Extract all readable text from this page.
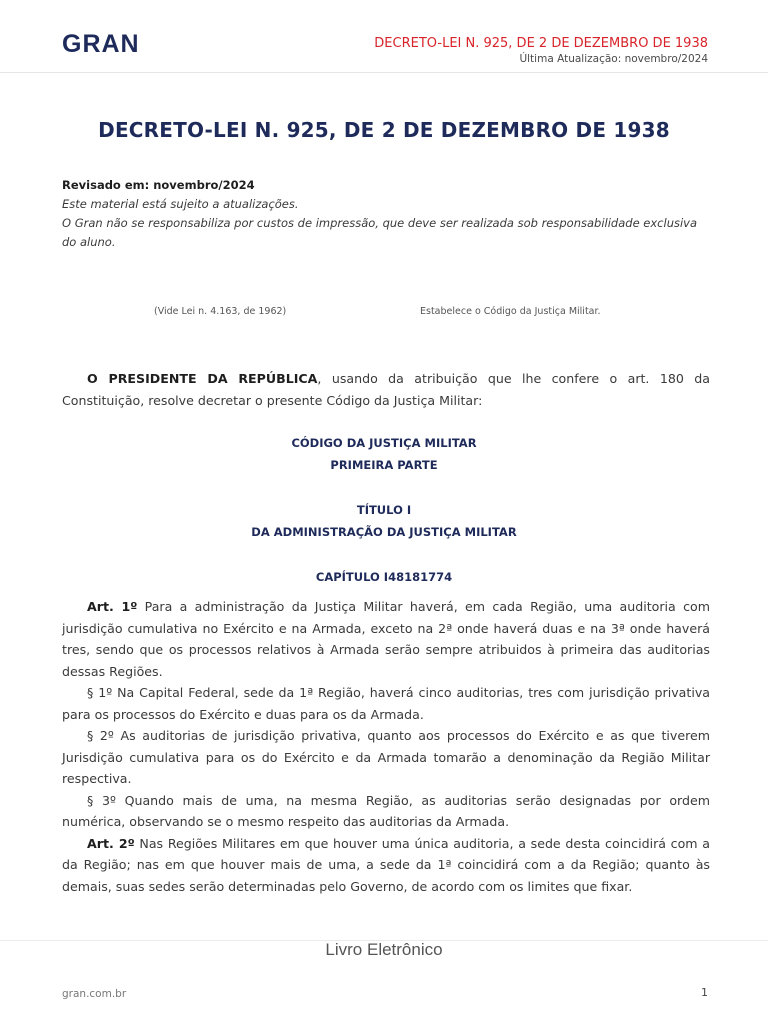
GRAN	DECRETO-LEI N. 925, DE 2 DE DEZEMBRO DE 1938
Última Atualização: novembro/2024
DECRETO-LEI N. 925, DE 2 DE DEZEMBRO DE 1938
Revisado em: novembro/2024
Este material está sujeito a atualizações.
O Gran não se responsabiliza por custos de impressão, que deve ser realizada sob responsabilidade exclusiva do aluno.
(Vide Lei n. 4.163, de 1962)	Estabelece o Código da Justiça Militar.

O PRESIDENTE DA REPÚBLICA, usando da atribuição que lhe confere o art. 180 da Constituição, resolve decretar o presente Código da Justiça Militar:

CÓDIGO DA JUSTIÇA MILITAR
PRIMEIRA PARTE
TÍTULO I
DA ADMINISTRAÇÃO DA JUSTIÇA MILITAR
CAPÍTULO I48181774

Art. 1º Para a administração da Justiça Militar haverá, em cada Região, uma auditoria com jurisdição cumulativa no Exército e na Armada, exceto na 2ª onde haverá duas e na 3ª onde haverá tres, sendo que os processos relativos à Armada serão sempre atribuidos à primeira das auditorias dessas Regiões.

§ 1º Na Capital Federal, sede da 1ª Região, haverá cinco auditorias, tres com jurisdição privativa para os processos do Exército e duas para os da Armada.

§ 2º As auditorias de jurisdição privativa, quanto aos processos do Exército e as que tiverem Jurisdição cumulativa para os do Exército e da Armada tomarão a denominação da Região Militar respectiva.

§ 3º Quando mais de uma, na mesma Região, as auditorias serão designadas por ordem numérica, observando se o mesmo respeito das auditorias da Armada.

Art. 2º Nas Regiões Militares em que houver uma única auditoria, a sede desta coincidirá com a da Região; nas em que houver mais de uma, a sede da 1ª coincidirá com a da Região; quanto às demais, suas sedes serão determinadas pelo Governo, de acordo com os limites que fixar.

Livro Eletrônico
gran.com.br	1
